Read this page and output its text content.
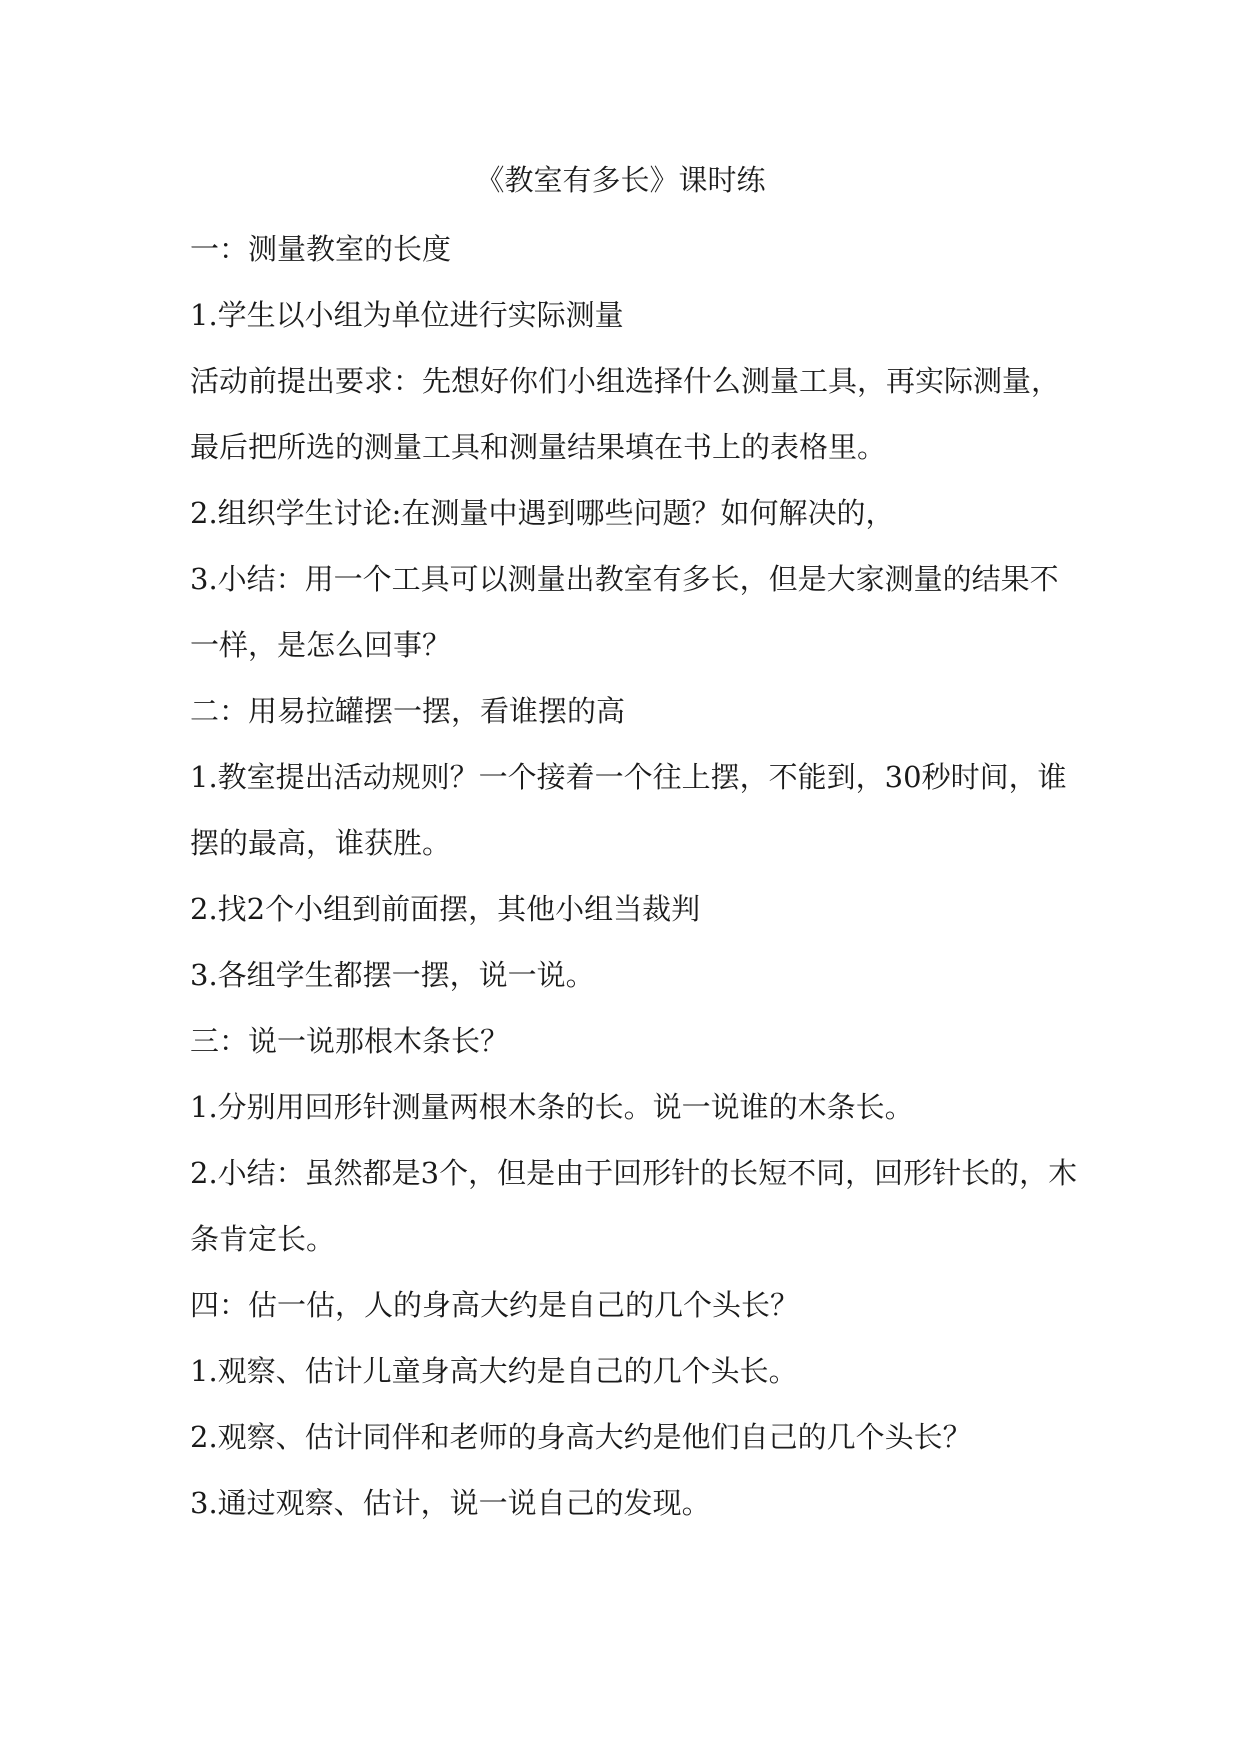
《教室有多长》课时练
一：测量教室的长度
1.学生以小组为单位进行实际测量
活动前提出要求：先想好你们小组选择什么测量工具，再实际测量，
最后把所选的测量工具和测量结果填在书上的表格里。
2.组织学生讨论:在测量中遇到哪些问题？如何解决的，
3.小结：用一个工具可以测量出教室有多长，但是大家测量的结果不
一样，是怎么回事？
二：用易拉罐摆一摆，看谁摆的高
1.教室提出活动规则？一个接着一个往上摆，不能到，30秒时间，谁
摆的最高，谁获胜。
2.找2个小组到前面摆，其他小组当裁判
3.各组学生都摆一摆，说一说。
三：说一说那根木条长？
1.分别用回形针测量两根木条的长。说一说谁的木条长。
2.小结：虽然都是3个，但是由于回形针的长短不同，回形针长的，木
条肯定长。
四：估一估，人的身高大约是自己的几个头长？
1.观察、估计儿童身高大约是自己的几个头长。
2.观察、估计同伴和老师的身高大约是他们自己的几个头长？
3.通过观察、估计，说一说自己的发现。
